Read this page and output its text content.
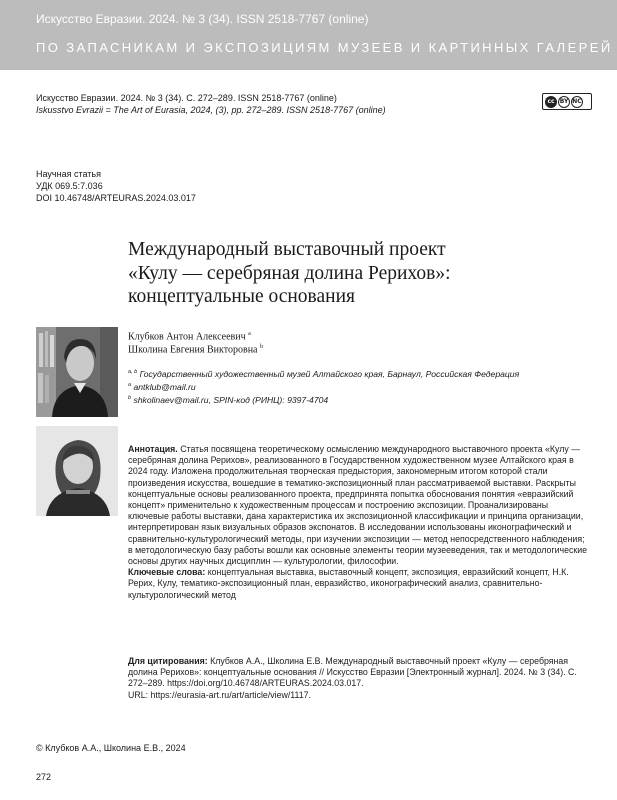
Искусство Евразии. 2024. № 3 (34). ISSN 2518-7767 (online)
ПО ЗАПАСНИКАМ И ЭКСПОЗИЦИЯМ МУЗЕЕВ И КАРТИННЫХ ГАЛЕРЕЙ
Искусство Евразии. 2024. № 3 (34). С. 272–289. ISSN 2518-7767 (online)
Iskusstvo Evrazii = The Art of Eurasia, 2024, (3), pp. 272–289. ISSN 2518-7767 (online)
cc BY NC
Научная статья
УДК 069.5:7.036
DOI 10.46748/ARTEURAS.2024.03.017
Международный выставочный проект
«Кулу — серебряная долина Рерихов»:
концептуальные основания
Клубков Антон Алексеевич $^a$
Школина Евгения Викторовна $^b$
$^{a, b}$ Государственный художественный музей Алтайского края, Барнаул, Российская Федерация
$^a$ antklub@mail.ru
$^b$ shkolinaev@mail.ru, SPIN-код (РИНЦ): 9397-4704

Аннотация. Статья посвящена теоретическому осмыслению международного выставочного проекта «Кулу — серебряная долина Рерихов», реализованного в Государственном художественном музее Алтайского края в 2024 году. Изложена продолжительная творческая предыстория, закономерным итогом которой стали произведения искусства, вошедшие в тематико-экспозиционный план рассматриваемой выставки. Раскрыты концептуальные основы реализованного проекта, предпринята попытка обоснования понятия «евразийский концепт» применительно к художественным процессам и построению экспозиции. Проанализированы ключевые работы выставки, дана характеристика их экспозиционной классификации и принципа организации, интерпретирован язык визуальных образов экспонатов. В исследовании использованы иконографический и сравнительно-культурологический методы, при изучении экспозиции — метод непосредственного наблюдения; в методологическую базу работы вошли как основные элементы теории музееведения, так и методологические основы других научных дисциплин — культурологии, философии.

Ключевые слова: концептуальная выставка, выставочный концепт, экспозиция, евразийский концепт, Н.К. Рерих, Кулу, тематико-экспозиционный план, евразийство, иконографический анализ, сравнительно-культурологический метод

Для цитирования: Клубков А.А., Школина Е.В. Международный выставочный проект «Кулу — серебряная долина Рерихов»: концептуальные основания // Искусство Евразии [Электронный журнал]. 2024. № 3 (34). С. 272–289. https://doi.org/10.46748/ARTEURAS.2024.03.017.

URL: https://eurasia-art.ru/art/article/view/1117.

© Клубков А.А., Школина Е.В., 2024
272
